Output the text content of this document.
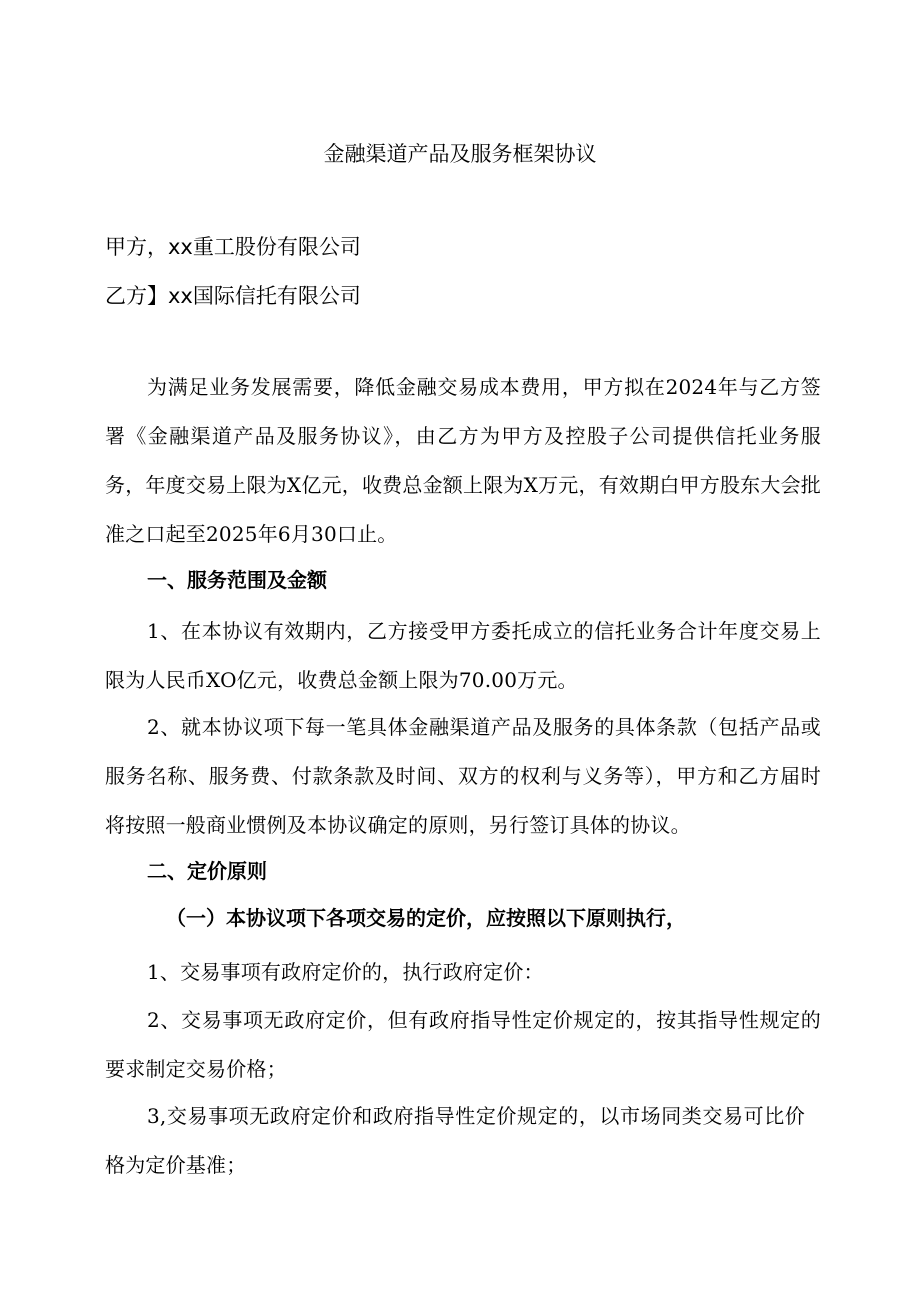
金融渠道产品及服务框架协议

甲方，xx重工股份有限公司

乙方】xx国际信托有限公司

为满足业务发展需要，降低金融交易成本费用，甲方拟在2024年与乙方签署《金融渠道产品及服务协议》，由乙方为甲方及控股子公司提供信托业务服务，年度交易上限为X亿元，收费总金额上限为X万元，有效期白甲方股东大会批准之口起至2025年6月30口止。

一、服务范围及金额

1、在本协议有效期内，乙方接受甲方委托成立的信托业务合计年度交易上限为人民币XO亿元，收费总金额上限为70.00万元。

2、就本协议项下每一笔具体金融渠道产品及服务的具体条款（包括产品或服务名称、服务费、付款条款及时间、双方的权利与义务等），甲方和乙方届时将按照一般商业惯例及本协议确定的原则，另行签订具体的协议。

二、定价原则
（一）本协议项下各项交易的定价，应按照以下原则执行，

1、交易事项有政府定价的，执行政府定价：

2、交易事项无政府定价，但有政府指导性定价规定的，按其指导性规定的要求制定交易价格；

3,交易事项无政府定价和政府指导性定价规定的，以市场同类交易可比价格为定价基准；
